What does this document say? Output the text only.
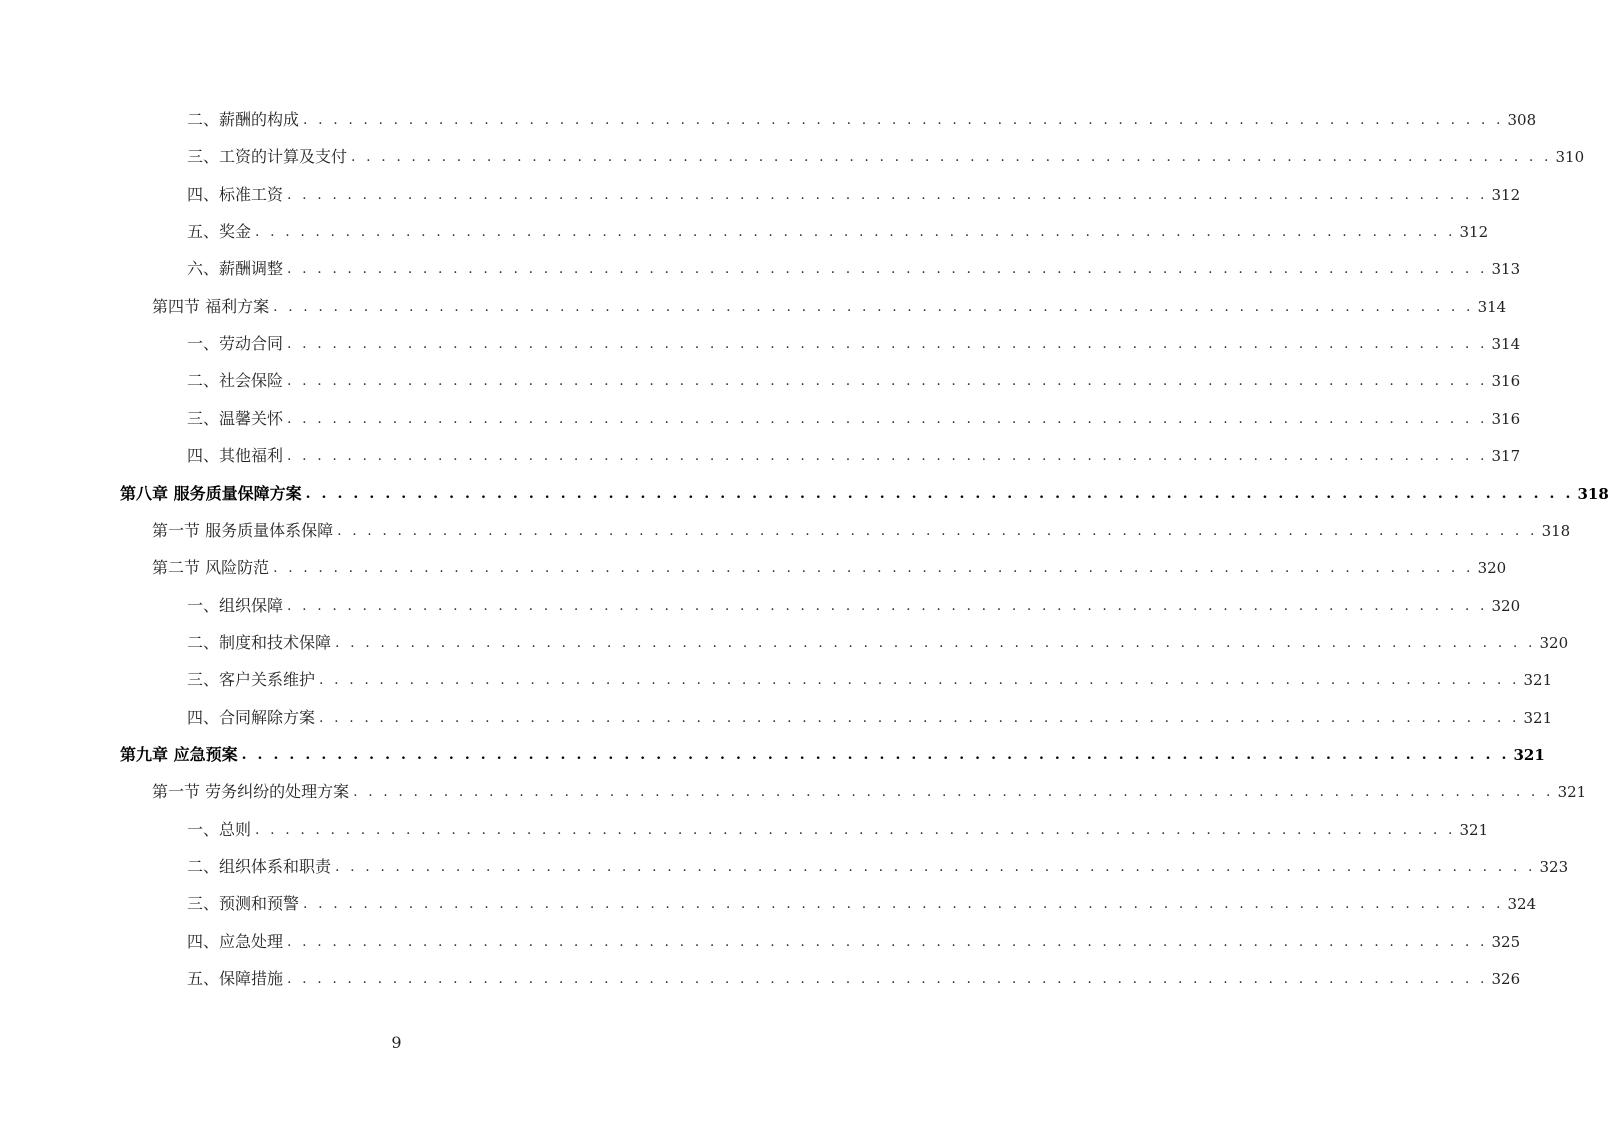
二、薪酬的构成 . . . . . . . . . . . . . . . . . . . . . . . . . . . . . . . . . . . . . . . . . . . . . . . . . . . . . . . . . . . . . . . . . . . . . . . . . . . . . . . . 308
三、工资的计算及支付 . . . . . . . . . . . . . . . . . . . . . . . . . . . . . . . . . . . . . . . . . . . . . . . . . . . . . . . . . . . . . . . . . . . . . . . . . . . . . . . . 310
四、标准工资 . . . . . . . . . . . . . . . . . . . . . . . . . . . . . . . . . . . . . . . . . . . . . . . . . . . . . . . . . . . . . . . . . . . . . . . . . . . . . . . . 312
五、奖金 . . . . . . . . . . . . . . . . . . . . . . . . . . . . . . . . . . . . . . . . . . . . . . . . . . . . . . . . . . . . . . . . . . . . . . . . . . . . . . . . 312
六、薪酬调整 . . . . . . . . . . . . . . . . . . . . . . . . . . . . . . . . . . . . . . . . . . . . . . . . . . . . . . . . . . . . . . . . . . . . . . . . . . . . . . . . 313
第四节 福利方案 . . . . . . . . . . . . . . . . . . . . . . . . . . . . . . . . . . . . . . . . . . . . . . . . . . . . . . . . . . . . . . . . . . . . . . . . . . . . . . . . 314
一、劳动合同 . . . . . . . . . . . . . . . . . . . . . . . . . . . . . . . . . . . . . . . . . . . . . . . . . . . . . . . . . . . . . . . . . . . . . . . . . . . . . . . . 314
二、社会保险 . . . . . . . . . . . . . . . . . . . . . . . . . . . . . . . . . . . . . . . . . . . . . . . . . . . . . . . . . . . . . . . . . . . . . . . . . . . . . . . . 316
三、温馨关怀 . . . . . . . . . . . . . . . . . . . . . . . . . . . . . . . . . . . . . . . . . . . . . . . . . . . . . . . . . . . . . . . . . . . . . . . . . . . . . . . . 316
四、其他福利 . . . . . . . . . . . . . . . . . . . . . . . . . . . . . . . . . . . . . . . . . . . . . . . . . . . . . . . . . . . . . . . . . . . . . . . . . . . . . . . . 317
第八章 服务质量保障方案 . . . . . . . . . . . . . . . . . . . . . . . . . . . . . . . . . . . . . . . . . . . . . . . . . . . . . . . . . . . . . . . . . . . . . . . . . . . . . . . . 318
第一节 服务质量体系保障 . . . . . . . . . . . . . . . . . . . . . . . . . . . . . . . . . . . . . . . . . . . . . . . . . . . . . . . . . . . . . . . . . . . . . . . . . . . . . . . . 318
第二节 风险防范 . . . . . . . . . . . . . . . . . . . . . . . . . . . . . . . . . . . . . . . . . . . . . . . . . . . . . . . . . . . . . . . . . . . . . . . . . . . . . . . . 320
一、组织保障 . . . . . . . . . . . . . . . . . . . . . . . . . . . . . . . . . . . . . . . . . . . . . . . . . . . . . . . . . . . . . . . . . . . . . . . . . . . . . . . . 320
二、制度和技术保障 . . . . . . . . . . . . . . . . . . . . . . . . . . . . . . . . . . . . . . . . . . . . . . . . . . . . . . . . . . . . . . . . . . . . . . . . . . . . . . . . 320
三、客户关系维护 . . . . . . . . . . . . . . . . . . . . . . . . . . . . . . . . . . . . . . . . . . . . . . . . . . . . . . . . . . . . . . . . . . . . . . . . . . . . . . . . 321
四、合同解除方案 . . . . . . . . . . . . . . . . . . . . . . . . . . . . . . . . . . . . . . . . . . . . . . . . . . . . . . . . . . . . . . . . . . . . . . . . . . . . . . . . 321
第九章 应急预案 . . . . . . . . . . . . . . . . . . . . . . . . . . . . . . . . . . . . . . . . . . . . . . . . . . . . . . . . . . . . . . . . . . . . . . . . . . . . . . . . 321
第一节 劳务纠纷的处理方案 . . . . . . . . . . . . . . . . . . . . . . . . . . . . . . . . . . . . . . . . . . . . . . . . . . . . . . . . . . . . . . . . . . . . . . . . . . . . . . . . 321
一、总则 . . . . . . . . . . . . . . . . . . . . . . . . . . . . . . . . . . . . . . . . . . . . . . . . . . . . . . . . . . . . . . . . . . . . . . . . . . . . . . . . 321
二、组织体系和职责 . . . . . . . . . . . . . . . . . . . . . . . . . . . . . . . . . . . . . . . . . . . . . . . . . . . . . . . . . . . . . . . . . . . . . . . . . . . . . . . . 323
三、预测和预警 . . . . . . . . . . . . . . . . . . . . . . . . . . . . . . . . . . . . . . . . . . . . . . . . . . . . . . . . . . . . . . . . . . . . . . . . . . . . . . . . 324
四、应急处理 . . . . . . . . . . . . . . . . . . . . . . . . . . . . . . . . . . . . . . . . . . . . . . . . . . . . . . . . . . . . . . . . . . . . . . . . . . . . . . . . 325
五、保障措施 . . . . . . . . . . . . . . . . . . . . . . . . . . . . . . . . . . . . . . . . . . . . . . . . . . . . . . . . . . . . . . . . . . . . . . . . . . . . . . . . 326
9
